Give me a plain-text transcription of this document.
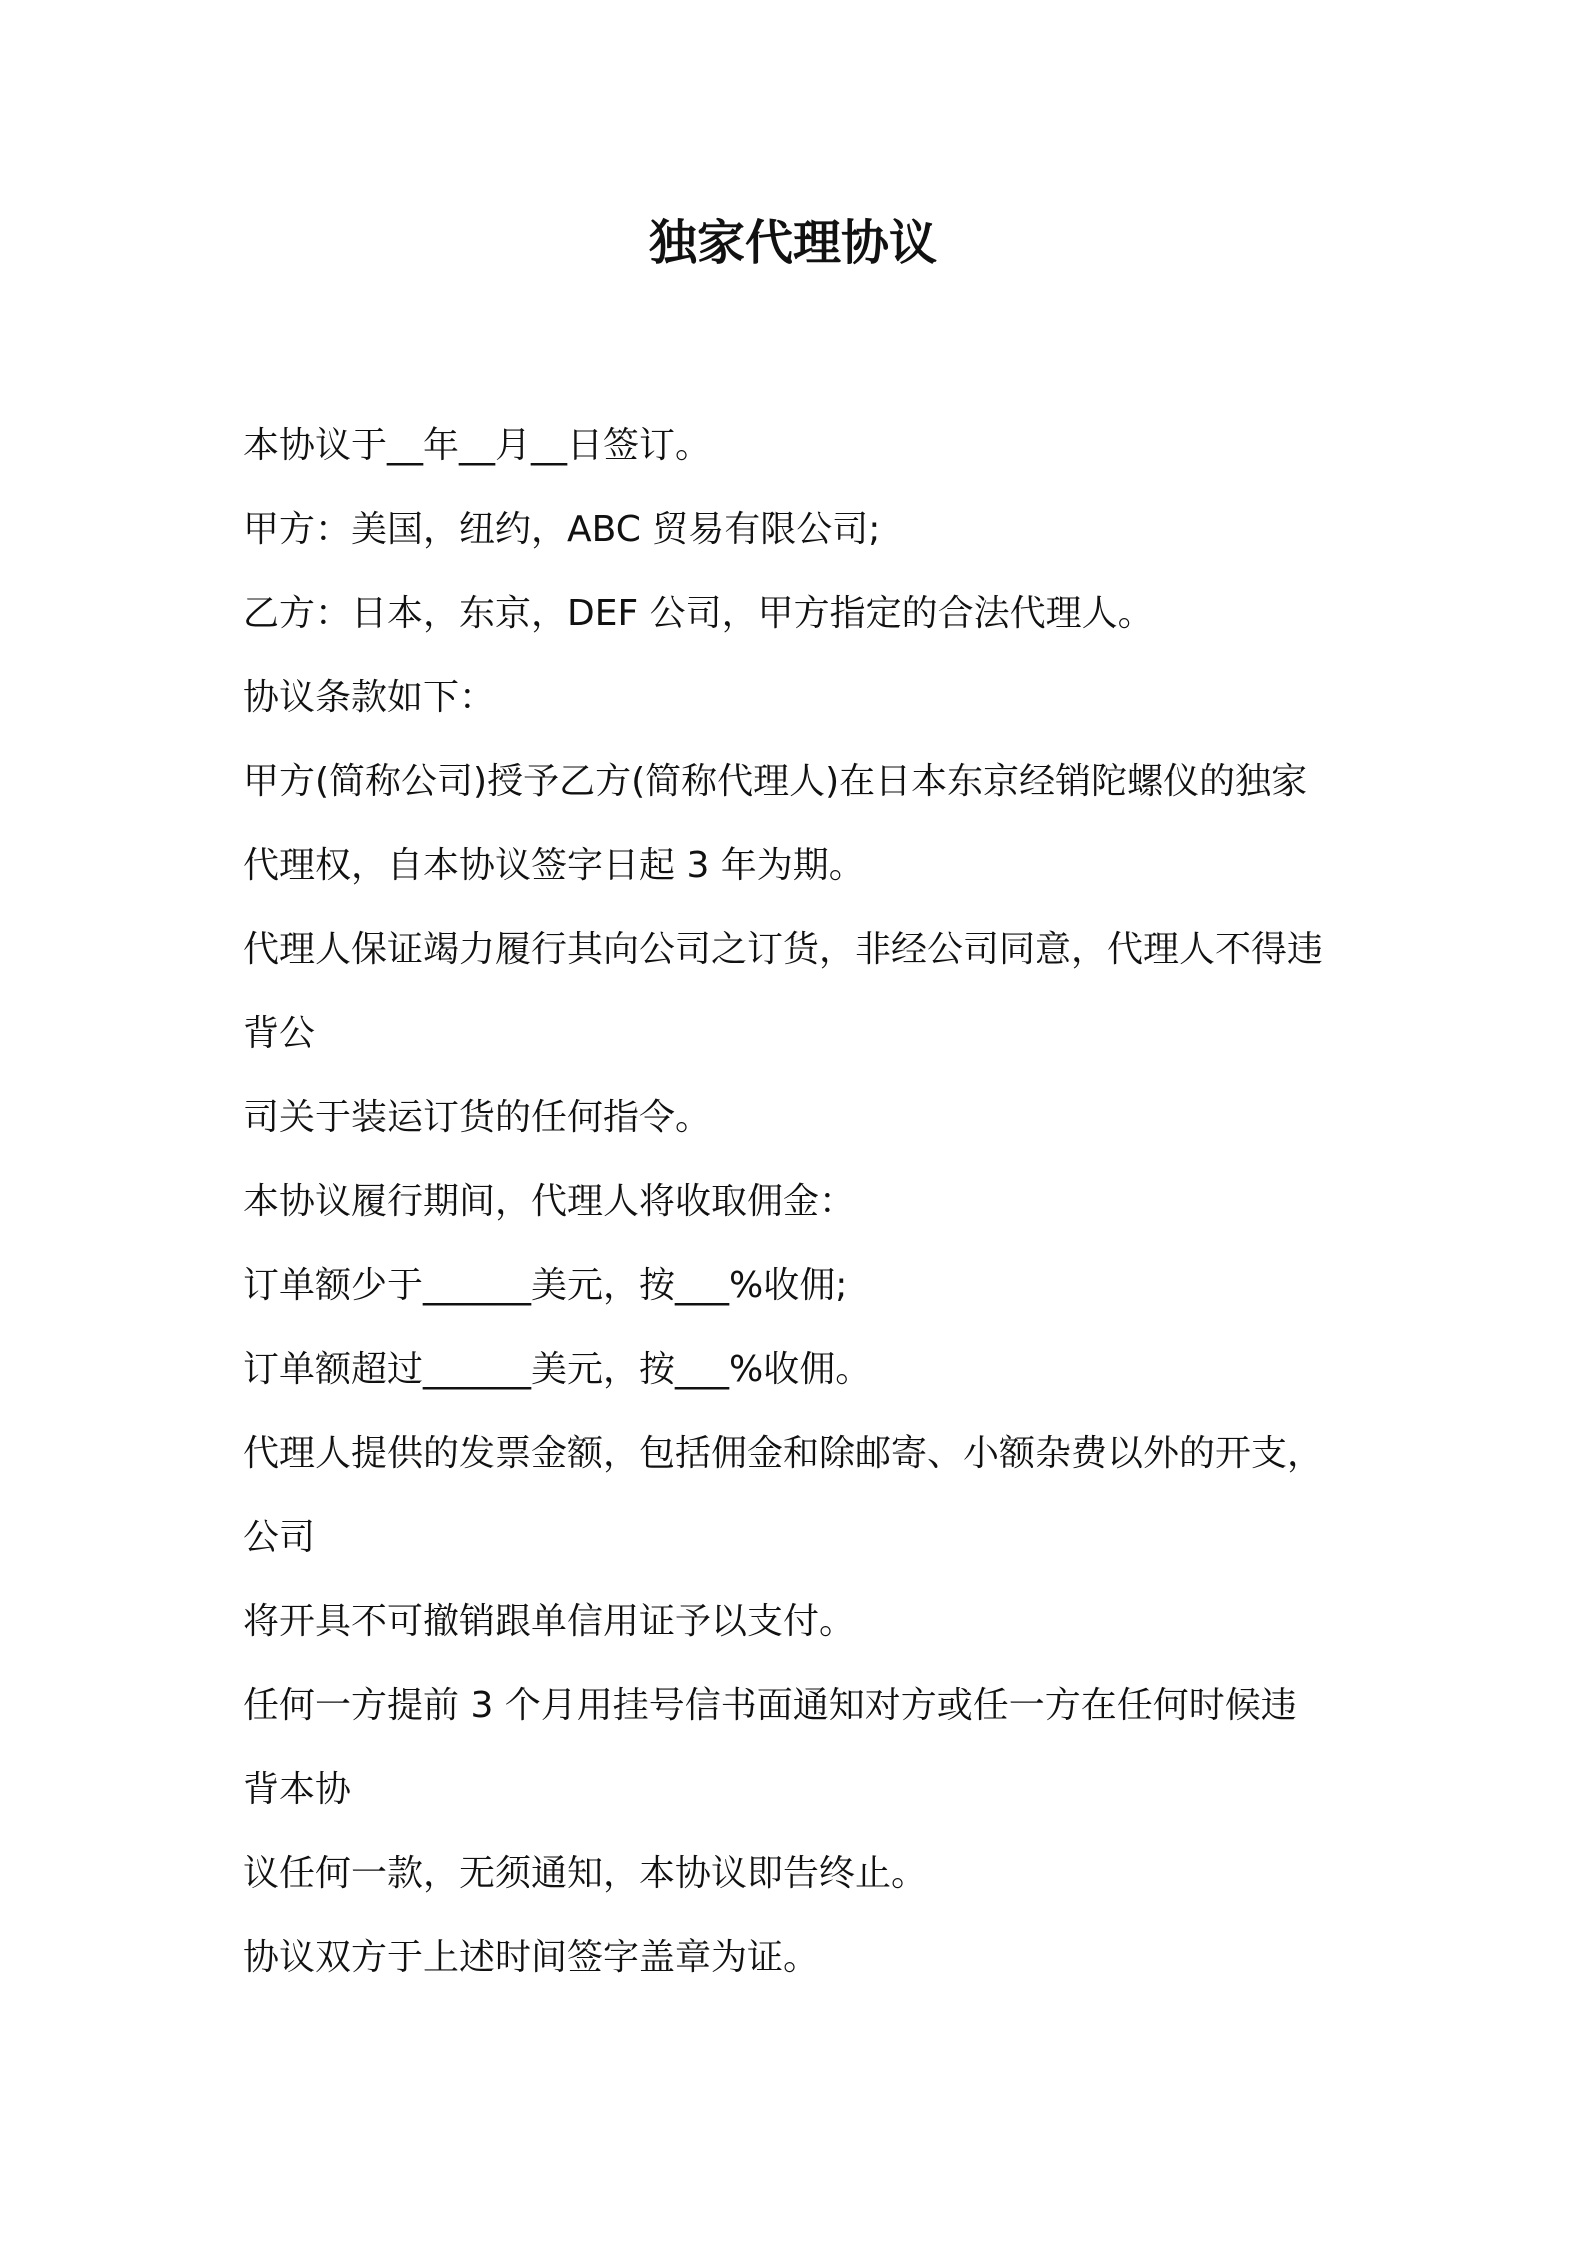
独家代理协议

本协议于__年__月__日签订。

甲方：美国，纽约，ABC 贸易有限公司;

乙方：日本，东京，DEF 公司，甲方指定的合法代理人。

协议条款如下：

甲方(简称公司)授予乙方(简称代理人)在日本东京经销陀螺仪的独家

代理权，自本协议签字日起 3 年为期。

代理人保证竭力履行其向公司之订货，非经公司同意，代理人不得违

背公

司关于装运订货的任何指令。

本协议履行期间，代理人将收取佣金：

订单额少于______美元，按___%收佣;

订单额超过______美元，按___%收佣。

代理人提供的发票金额，包括佣金和除邮寄、小额杂费以外的开支，

公司

将开具不可撤销跟单信用证予以支付。

任何一方提前 3 个月用挂号信书面通知对方或任一方在任何时候违

背本协

议任何一款，无须通知，本协议即告终止。

协议双方于上述时间签字盖章为证。
